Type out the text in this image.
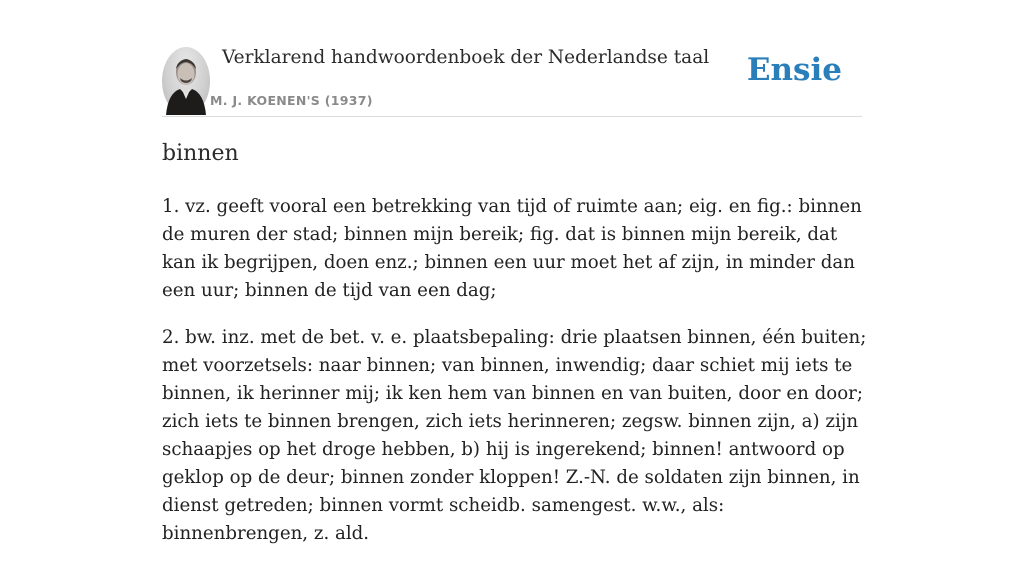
Verklarend handwoordenboek der Nederlandse taal
M. J. KOENEN'S (1937)
Ensie
binnen

1. vz. geeft vooral een betrekking van tijd of ruimte aan; eig. en fig.: binnen de muren der stad; binnen mijn bereik; fig. dat is binnen mijn bereik, dat kan ik begrijpen, doen enz.; binnen een uur moet het af zijn, in minder dan een uur; binnen de tijd van een dag;

2. bw. inz. met de bet. v. e. plaatsbepaling: drie plaatsen binnen, één buiten; met voorzetsels: naar binnen; van binnen, inwendig; daar schiet mij iets te binnen, ik herinner mij; ik ken hem van binnen en van buiten, door en door; zich iets te binnen brengen, zich iets herinneren; zegsw. binnen zijn, a) zijn schaapjes op het droge hebben, b) hij is ingerekend; binnen! antwoord op geklop op de deur; binnen zonder kloppen! Z.-N. de soldaten zijn binnen, in dienst getreden; binnen vormt scheidb. samengest. w.w., als: binnenbrengen, z. ald.
